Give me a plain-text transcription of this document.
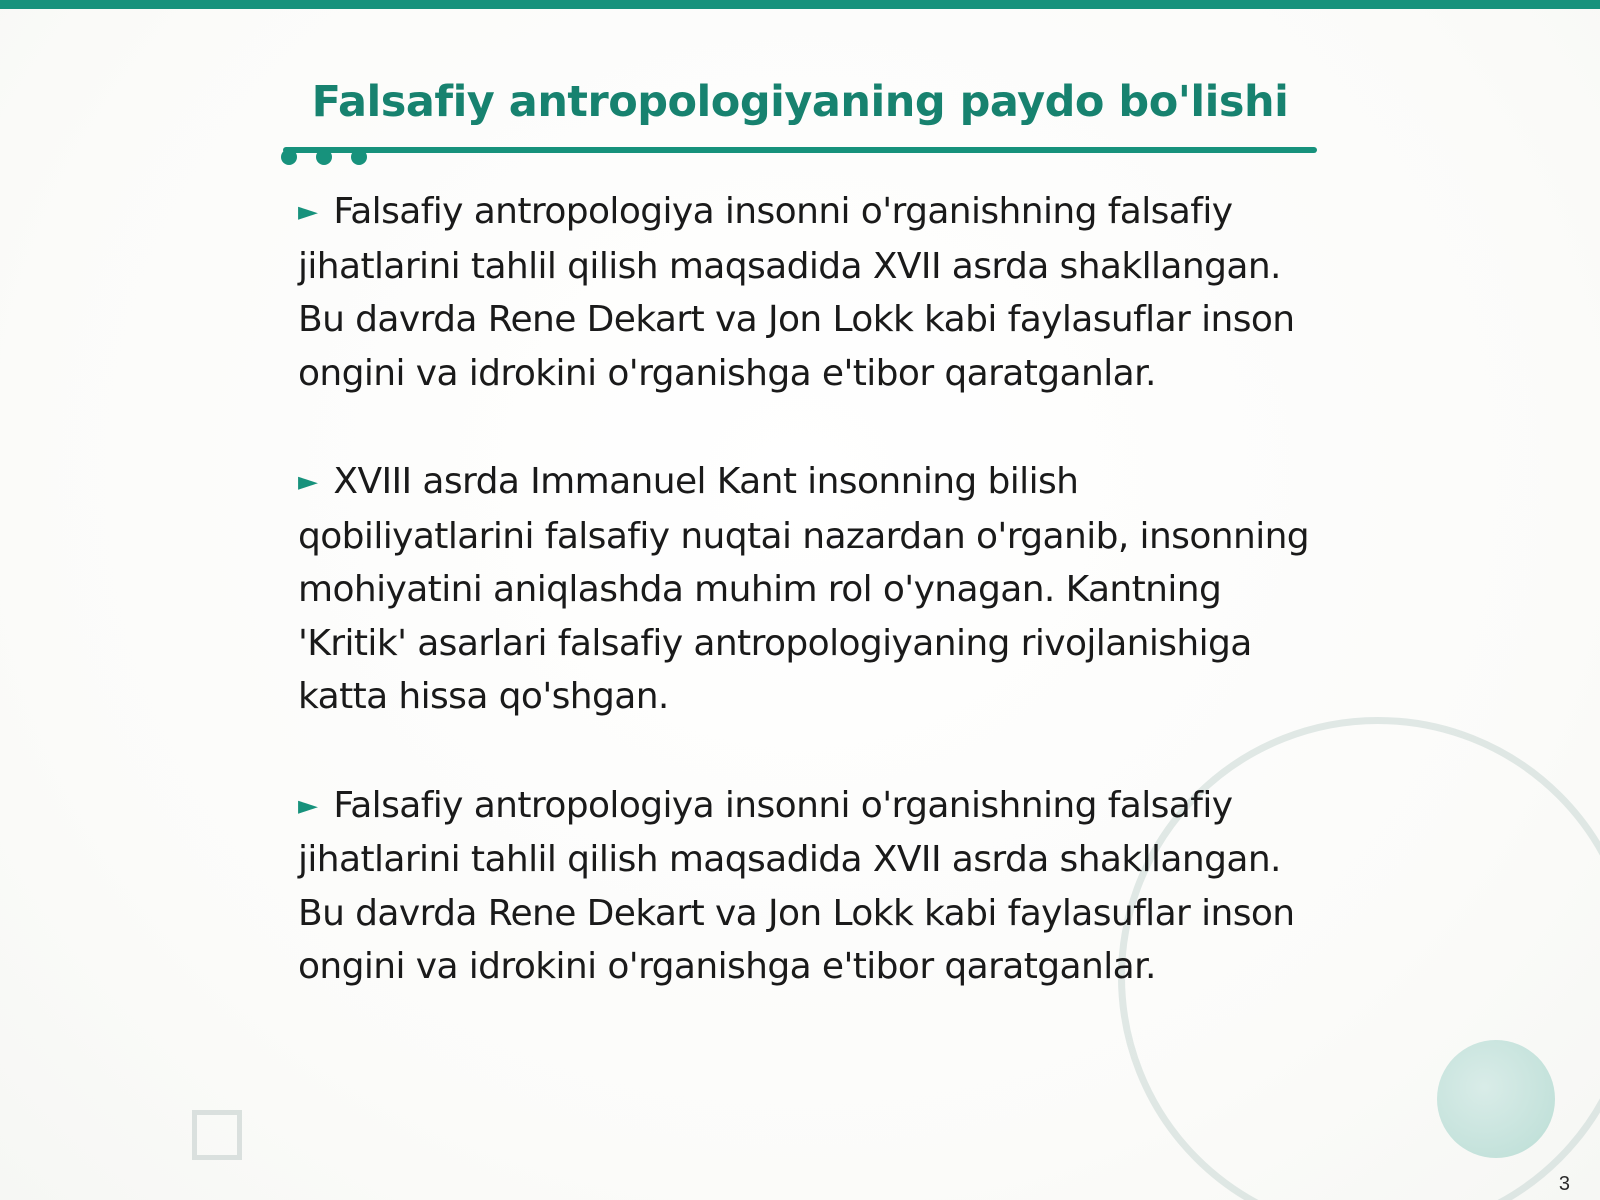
Falsafiy antropologiyaning paydo bo'lishi

► Falsafiy antropologiya insonni o'rganishning falsafiy jihatlarini tahlil qilish maqsadida XVII asrda shakllangan. Bu davrda Rene Dekart va Jon Lokk kabi faylasuflar inson ongini va idrokini o'rganishga e'tibor qaratganlar.

► XVIII asrda Immanuel Kant insonning bilish qobiliyatlarini falsafiy nuqtai nazardan o'rganib, insonning mohiyatini aniqlashda muhim rol o'ynagan. Kantning 'Kritik' asarlari falsafiy antropologiyaning rivojlanishiga katta hissa qo'shgan.

► Falsafiy antropologiya insonni o'rganishning falsafiy jihatlarini tahlil qilish maqsadida XVII asrda shakllangan. Bu davrda Rene Dekart va Jon Lokk kabi faylasuflar inson ongini va idrokini o'rganishga e'tibor qaratganlar.

3
